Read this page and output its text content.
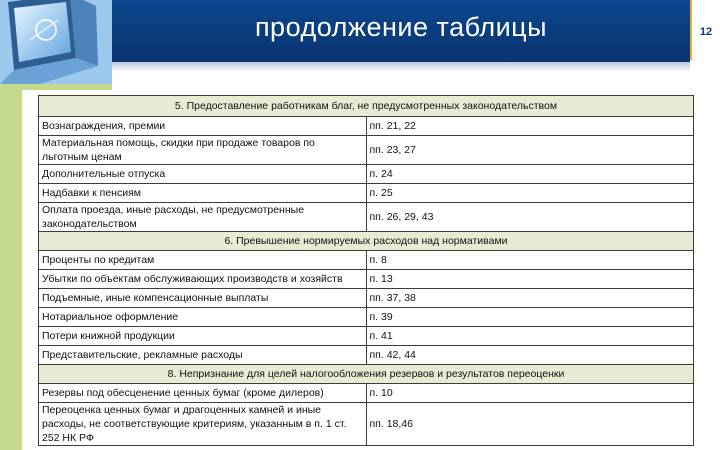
продолжение таблицы	12
5. Предоставление работникам благ, не предусмотренных законодательством	
Вознаграждения, премии	пп. 21, 22
Материальная помощь, скидки при продаже товаров по льготным ценам	пп. 23, 27
Дополнительные отпуска	п. 24
Надбавки к пенсиям	п. 25
Оплата проезда, иные расходы, не предусмотренные законодательством	пп. 26, 29, 43
6. Превышение нормируемых расходов над нормативами	
Проценты по кредитам	п. 8
Убытки по объектам обслуживающих производств и хозяйств	п. 13
Подъемные, иные компенсационные выплаты	пп. 37, 38
Нотариальное оформление	п. 39
Потери книжной продукции	п. 41
Представительские, рекламные расходы	пп. 42, 44
8. Непризнание для целей налогообложения резервов и результатов переоценки	
Резервы под обесценение ценных бумаг (кроме дилеров)	п. 10
Переоценка ценных бумаг и драгоценных камней и иные расходы, не соответствующие критериям, указанным в п. 1 ст. 252 НК РФ	пп. 18,46
